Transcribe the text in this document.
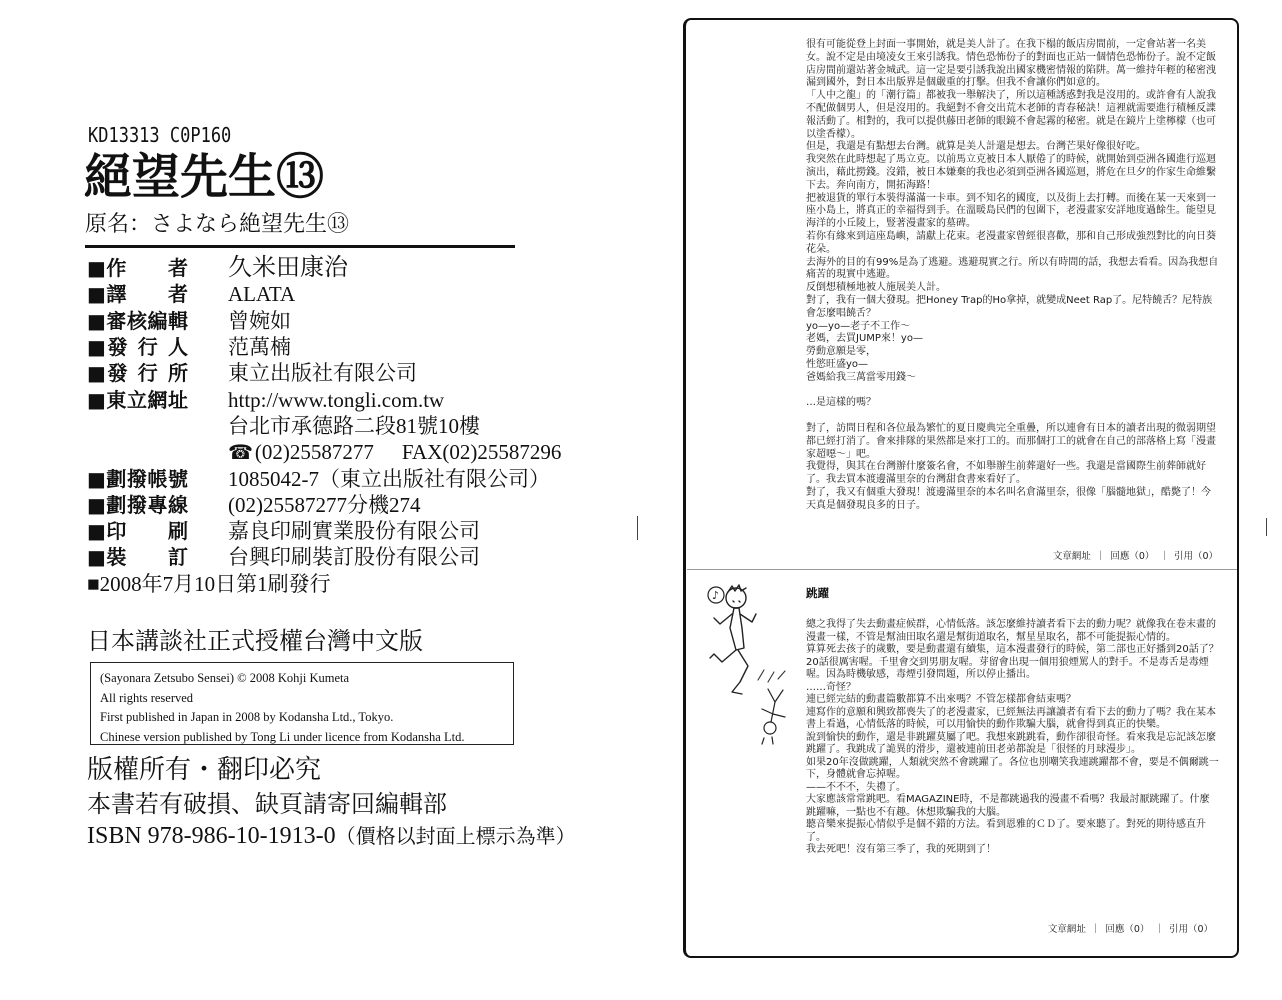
KD13313 C0P160
絕望先生⑬
原名：さよなら絶望先生⑬
■作　　者 久米田康治
■譯　　者 ALATA
■審核編輯 曾婉如
■發 行 人 范萬楠
■發 行 所 東立出版社有限公司
■東立網址 http://www.tongli.com.tw
台北市承德路二段81號10樓
☎(02)25587277 FAX(02)25587296
■劃撥帳號 1085042-7（東立出版社有限公司）
■劃撥專線 (02)25587277分機274
■印　　刷 嘉良印刷實業股份有限公司
■裝　　訂 台興印刷裝訂股份有限公司
■2008年7月10日第1刷發行
日本講談社正式授權台灣中文版
(Sayonara Zetsubo Sensei) © 2008 Kohji Kumeta
All rights reserved
First published in Japan in 2008 by Kodansha Ltd., Tokyo.
Chinese version published by Tong Li under licence from Kodansha Ltd.
版權所有・翻印必究
本書若有破損、缺頁請寄回編輯部
ISBN 978-986-10-1913-0（價格以封面上標示為準）

很有可能從登上封面一事開始，就是美人計了。在我下榻的飯店房間前，一定會站著一名美女。說不定是由境凌女王來引誘我。情色恐怖份子的對面也正站一個情色恐怖份子。說不定飯店房間前還站著金城武。這一定是要引誘我說出國家機密情報的陷阱。萬一維持年輕的秘密洩漏到國外，對日本出版界是個嚴重的打擊。但我不會讓你們如意的。

「人中之龍」的「潮行篇」都被我一舉解決了，所以這種誘惑對我是沒用的。或許會有人說我不配做個男人，但是沒用的。我絕對不會交出荒木老師的青春秘訣！這裡就需要進行積極反諜報活動了。相對的，我可以提供藤田老師的眼鏡不會起霧的秘密。就是在鏡片上塗檸檬（也可以塗香檬）。

但是，我還是有點想去台灣。就算是美人計還是想去。台灣芒果好像很好吃。

我突然在此時想起了馬立克。以前馬立克被日本人厭倦了的時候，就開始到亞洲各國進行巡迴演出，藉此撈錢。沒錯，被日本嫌棄的我也必須到亞洲各國巡迴，將危在旦夕的作家生命維繫下去。奔向南方，開拓海路！

把被退貨的單行本裝得滿滿一卡車。到不知名的國度，以及街上去打轉。而後在某一天來到一座小島上，將真正的幸福得到手。在溫暖島民們的包圍下，老漫畫家安詳地度過餘生。能望見海洋的小丘陵上，豎著漫畫家的墓碑。

若你有緣來到這座島嶼，請獻上花束。老漫畫家曾經很喜歡，那和自己形成強烈對比的向日葵花朵。

去海外的目的有99%是為了逃避。逃避現實之行。所以有時間的話，我想去看看。因為我想自痛苦的現實中逃避。

反倒想積極地被人施展美人計。

對了，我有一個大發現。把Honey Trap的Ho拿掉，就變成Neet Rap了。尼特饒舌？尼特族會怎麼唱饒舌？

yo—yo—老子不工作～

老媽，去買JUMP來！yo—

勞動意願是零，

性慾旺盛yo—

爸媽給我三萬當零用錢～

…是這樣的嗎？

對了，訪問日程和各位最為繁忙的夏日慶典完全重疊，所以連會有日本的讀者出現的微弱期望都已經打消了。會來排隊的果然都是來打工的。而那個打工的就會在自己的部落格上寫「漫畫家超噁～」吧。

我覺得，與其在台灣辦什麼簽名會，不如舉辦生前葬還好一些。我還是當國際生前葬師就好了。我去買本渡邊滿里奈的台灣甜食書來看好了。

對了，我又有個重大發現！渡邊滿里奈的本名叫名倉滿里奈，很像「腦髓地獄」，酷斃了！今天真是個發現良多的日子。

文章網址 ｜ 回應（0） ｜ 引用（0）
跳躍
♪

總之我得了失去動畫症候群，心情低落。該怎麼維持讀者看下去的動力呢？就像我在卷末畫的漫畫一樣，不管是幫油田取名還是幫街道取名，幫星星取名，都不可能提振心情的。

算算死去孩子的歲數，要是動畫還有續集，這本漫畫發行的時候，第二部也正好播到20話了？20話很厲害喔。千里會交到男朋友喔。芽留會出現一個用狼煙罵人的對手。不是毒舌是毒煙喔。因為時機敏感，毒煙引發問題，所以停止播出。

……奇怪？

連已經完結的動畫篇數都算不出來嗎？不管怎樣都會結束嗎？

連寫作的意願和興致都喪失了的老漫畫家，已經無法再讓讀者有看下去的動力了嗎？我在某本書上看過，心情低落的時候，可以用愉快的動作欺騙大腦，就會得到真正的快樂。

說到愉快的動作，還是非跳躍莫屬了吧。我想來跳跳看，動作卻很奇怪。看來我是忘記該怎麼跳躍了。我跳成了詭異的滑步，還被連前田老弟都說是「很怪的月球漫步」。

如果20年沒做跳躍，人類就突然不會跳躍了。各位也別嘲笑我連跳躍都不會，要是不偶爾跳一下，身體就會忘掉喔。

——不不不，失禮了。

大家應該常常跳吧。看MAGAZINE時，不是都跳過我的漫畫不看嗎？我最討厭跳躍了。什麼跳躍嘛，一點也不有趣。休想欺騙我的大腦。

聽音樂來提振心情似乎是個不錯的方法。看到恩雅的ＣＤ了。要來聽了。對死的期待感直升了。

我去死吧！沒有第三季了，我的死期到了！

文章網址 ｜ 回應（0） ｜ 引用（0）
